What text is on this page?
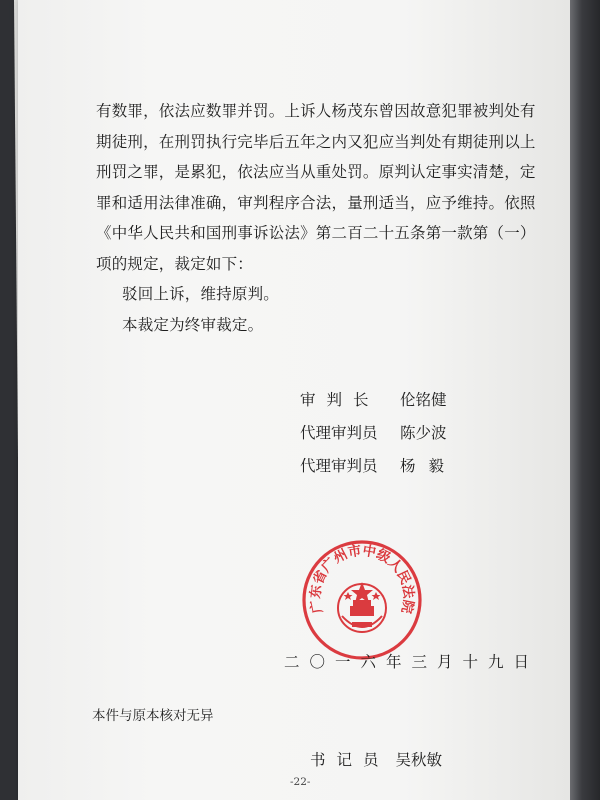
有数罪，依法应数罪并罚。上诉人杨茂东曾因故意犯罪被判处有
期徒刑，在刑罚执行完毕后五年之内又犯应当判处有期徒刑以上
刑罚之罪，是累犯，依法应当从重处罚。原判认定事实清楚，定
罪和适用法律准确，审判程序合法，量刑适当，应予维持。依照
《中华人民共和国刑事诉讼法》第二百二十五条第一款第（一）
项的规定，裁定如下：
驳回上诉，维持原判。
本裁定为终审裁定。
审判长 伦铭健
代理审判员 陈少波
代理审判员 杨毅
广东省广州市中级人民法院
二〇一六年三月十九日
本件与原本核对无异
书记员 吴秋敏
-22-
